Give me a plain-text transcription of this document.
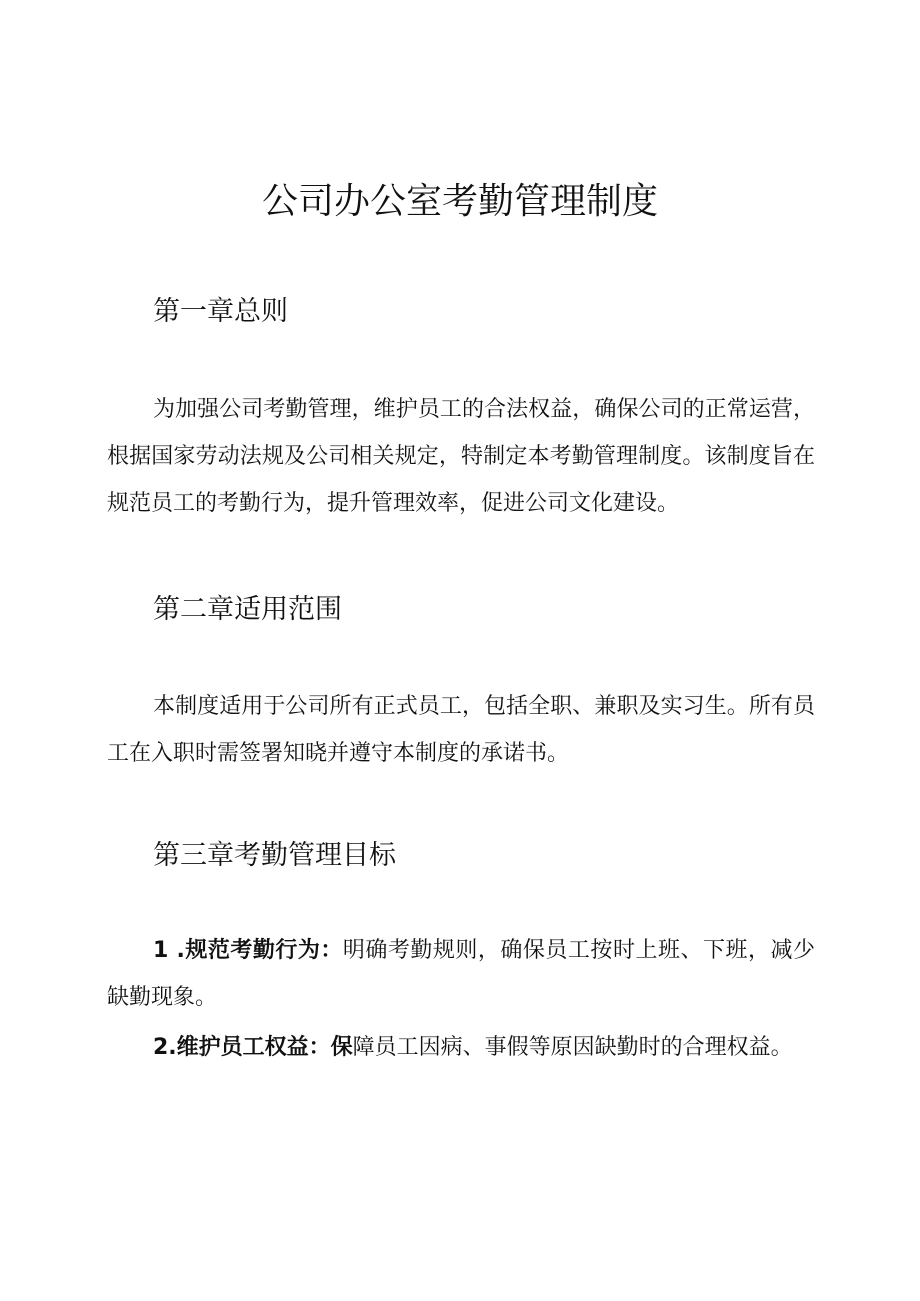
公司办公室考勤管理制度
第一章总则

为加强公司考勤管理，维护员工的合法权益，确保公司的正常运营，根据国家劳动法规及公司相关规定，特制定本考勤管理制度。该制度旨在规范员工的考勤行为，提升管理效率，促进公司文化建设。

第二章适用范围

本制度适用于公司所有正式员工，包括全职、兼职及实习生。所有员工在入职时需签署知晓并遵守本制度的承诺书。

第三章考勤管理目标

1 .规范考勤行为：明确考勤规则，确保员工按时上班、下班，减少缺勤现象。

2.维护员工权益：保障员工因病、事假等原因缺勤时的合理权益。
